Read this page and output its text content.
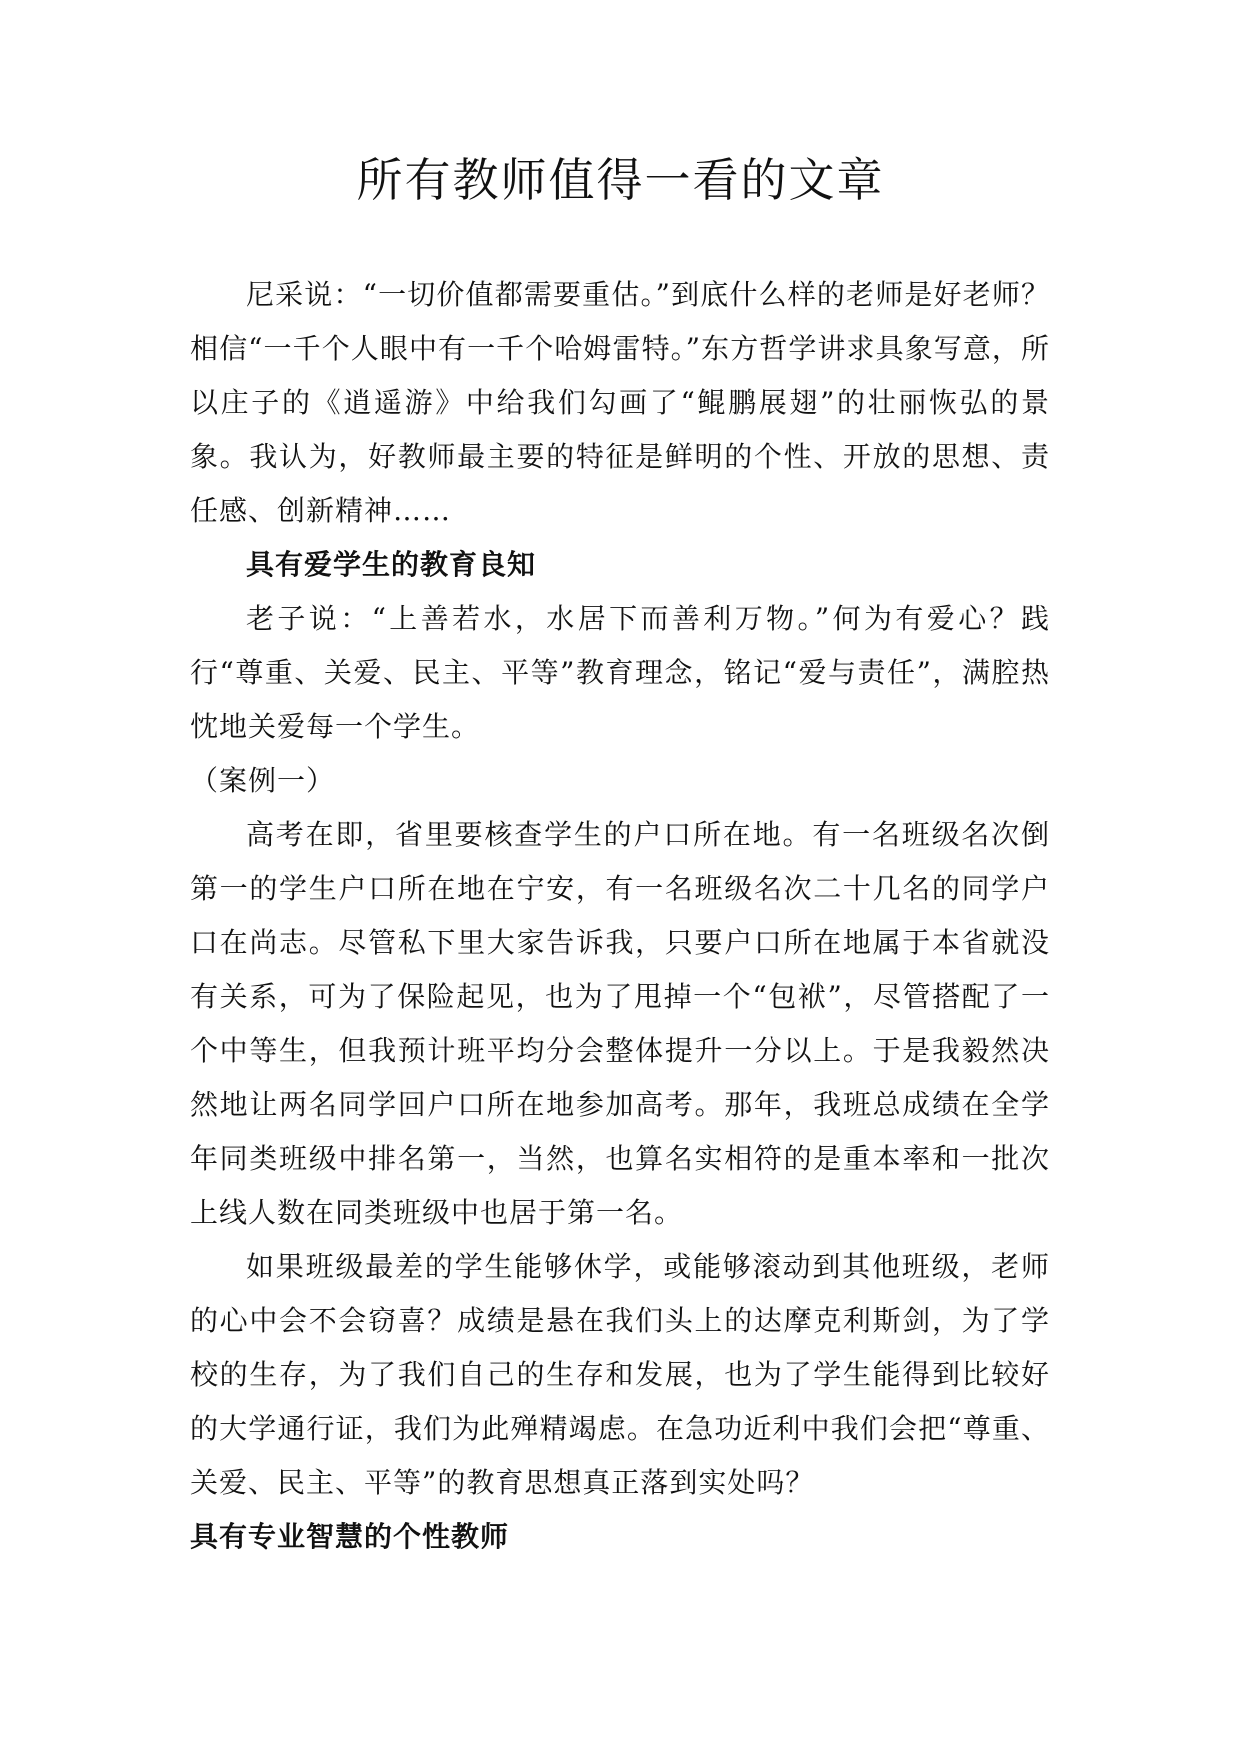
所有教师值得一看的文章

尼采说：“一切价值都需要重估。”到底什么样的老师是好老师？相信“一千个人眼中有一千个哈姆雷特。”东方哲学讲求具象写意，所以庄子的《逍遥游》中给我们勾画了“鲲鹏展翅”的壮丽恢弘的景象。我认为，好教师最主要的特征是鲜明的个性、开放的思想、责任感、创新精神……

具有爱学生的教育良知

老子说：“上善若水，水居下而善利万物。”何为有爱心？践行“尊重、关爱、民主、平等”教育理念，铭记“爱与责任”，满腔热忱地关爱每一个学生。

（案例一）

高考在即，省里要核查学生的户口所在地。有一名班级名次倒第一的学生户口所在地在宁安，有一名班级名次二十几名的同学户口在尚志。尽管私下里大家告诉我，只要户口所在地属于本省就没有关系，可为了保险起见，也为了甩掉一个“包袱”，尽管搭配了一个中等生，但我预计班平均分会整体提升一分以上。于是我毅然决然地让两名同学回户口所在地参加高考。那年，我班总成绩在全学年同类班级中排名第一，当然，也算名实相符的是重本率和一批次上线人数在同类班级中也居于第一名。

如果班级最差的学生能够休学，或能够滚动到其他班级，老师的心中会不会窃喜？成绩是悬在我们头上的达摩克利斯剑，为了学校的生存，为了我们自己的生存和发展，也为了学生能得到比较好的大学通行证，我们为此殚精竭虑。在急功近利中我们会把“尊重、关爱、民主、平等”的教育思想真正落到实处吗？

具有专业智慧的个性教师
